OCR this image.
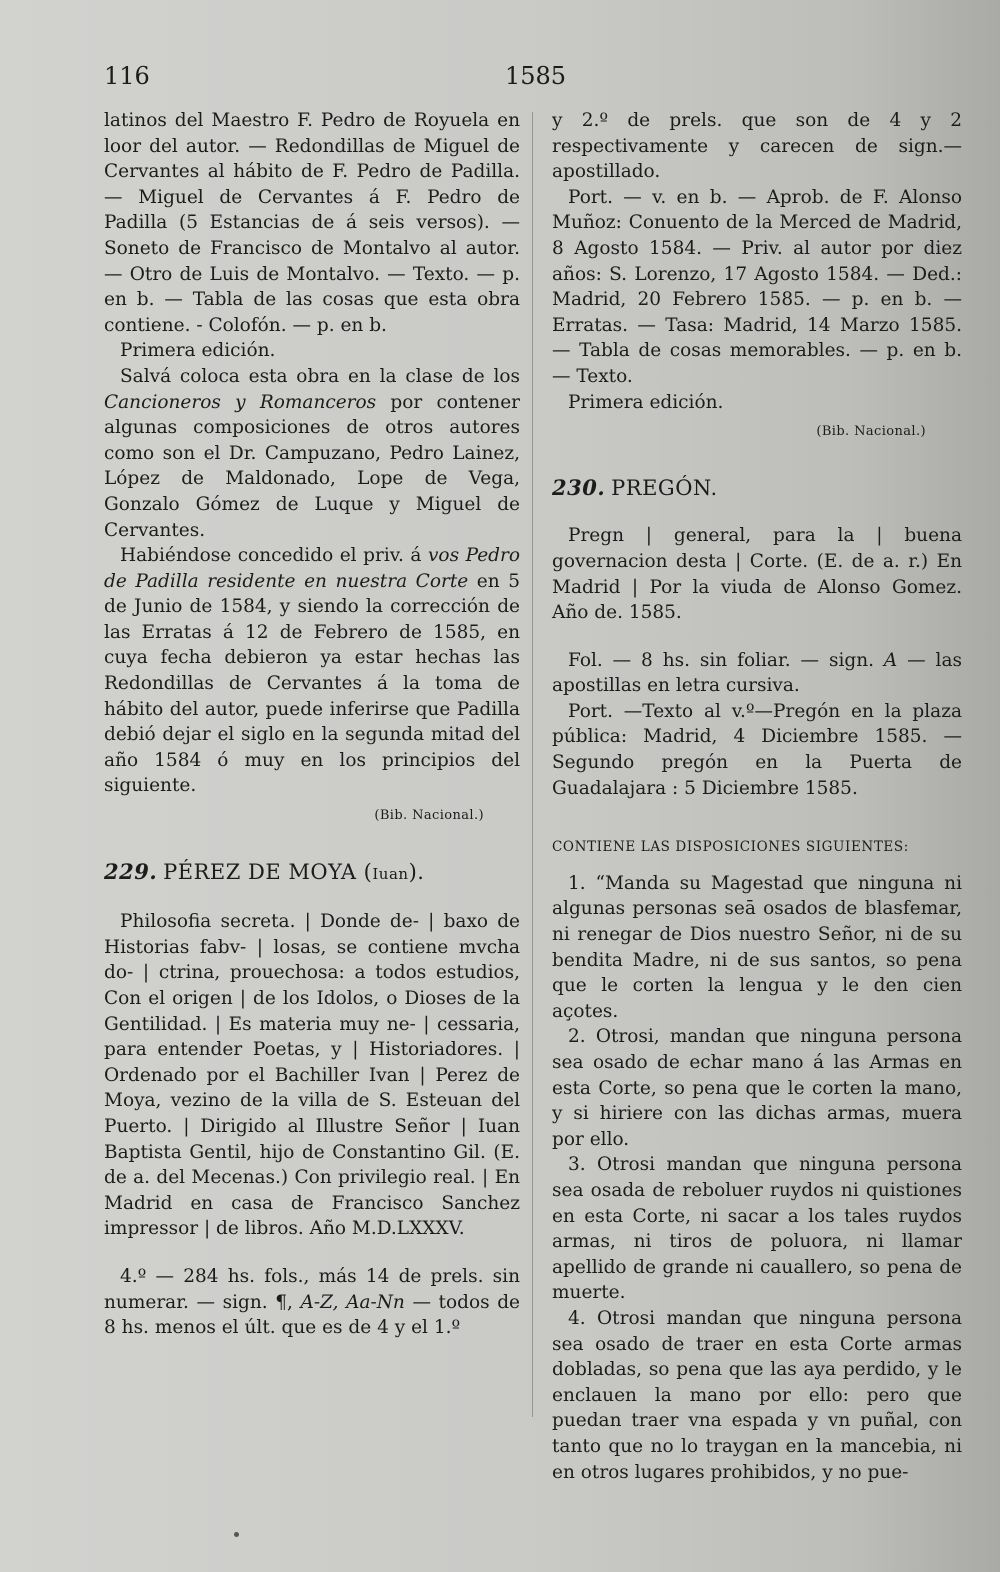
116	1585

latinos del Maestro F. Pedro de Royuela en loor del autor. — Redondillas de Miguel de Cervantes al hábito de F. Pedro de Padilla. — Miguel de Cervantes á F. Pedro de Padilla (5 Estancias de á seis versos). — Soneto de Francisco de Montalvo al autor. — Otro de Luis de Montalvo. — Texto. — p. en b. — Tabla de las cosas que esta obra contiene. - Colofón. — p. en b.

Primera edición.

Salvá coloca esta obra en la clase de los Cancioneros y Romanceros por contener algunas composiciones de otros autores como son el Dr. Campuzano, Pedro Lainez, López de Maldonado, Lope de Vega, Gonzalo Gómez de Luque y Miguel de Cervantes.

Habiéndose concedido el priv. á vos Pedro de Padilla residente en nuestra Corte en 5 de Junio de 1584, y siendo la corrección de las Erratas á 12 de Febrero de 1585, en cuya fecha debieron ya estar hechas las Redondillas de Cervantes á la toma de hábito del autor, puede inferirse que Padilla debió dejar el siglo en la segunda mitad del año 1584 ó muy en los principios del siguiente.

(Bib. Nacional.)

229. PÉREZ DE MOYA (Iuan).

Philosofia secreta. | Donde de- | baxo de Historias fabv- | losas, se contiene mvcha do- | ctrina, prouechosa: a todos estudios, Con el origen | de los Idolos, o Dioses de la Gentilidad. | Es materia muy ne- | cessaria, para entender Poetas, y | Historiadores. | Ordenado por el Bachiller Ivan | Perez de Moya, vezino de la villa de S. Esteuan del Puerto. | Dirigido al Illustre Señor | Iuan Baptista Gentil, hijo de Constantino Gil. (E. de a. del Mecenas.) Con privilegio real. | En Madrid en casa de Francisco Sanchez impressor | de libros. Año M.D.LXXXV.

4.º — 284 hs. fols., más 14 de prels. sin numerar. — sign. ¶, A-Z, Aa-Nn — todos de 8 hs. menos el últ. que es de 4 y el 1.º

y 2.º de prels. que son de 4 y 2 respectivamente y carecen de sign.—apostillado.

Port. — v. en b. — Aprob. de F. Alonso Muñoz: Conuento de la Merced de Madrid, 8 Agosto 1584. — Priv. al autor por diez años: S. Lorenzo, 17 Agosto 1584. — Ded.: Madrid, 20 Febrero 1585. — p. en b. — Erratas. — Tasa: Madrid, 14 Marzo 1585. — Tabla de cosas memorables. — p. en b. — Texto.

Primera edición.

(Bib. Nacional.)

230. PREGÓN.

Pregn | general, para la | buena governacion desta | Corte. (E. de a. r.) En Madrid | Por la viuda de Alonso Gomez. Año de. 1585.

Fol. — 8 hs. sin foliar. — sign. A — las apostillas en letra cursiva.

Port. —Texto al v.º—Pregón en la plaza pública: Madrid, 4 Diciembre 1585. — Segundo pregón en la Puerta de Guadalajara : 5 Diciembre 1585.

CONTIENE LAS DISPOSICIONES SIGUIENTES:

1. “Manda su Magestad que ninguna ni algunas personas seā osados de blasfemar, ni renegar de Dios nuestro Señor, ni de su bendita Madre, ni de sus santos, so pena que le corten la lengua y le den cien açotes.

2. Otrosi, mandan que ninguna persona sea osado de echar mano á las Armas en esta Corte, so pena que le corten la mano, y si hiriere con las dichas armas, muera por ello.

3. Otrosi mandan que ninguna persona sea osada de reboluer ruydos ni quistiones en esta Corte, ni sacar a los tales ruydos armas, ni tiros de poluora, ni llamar apellido de grande ni cauallero, so pena de muerte.

4. Otrosi mandan que ninguna persona sea osado de traer en esta Corte armas dobladas, so pena que las aya perdido, y le enclauen la mano por ello: pero que puedan traer vna espada y vn puñal, con tanto que no lo traygan en la mancebia, ni en otros lugares prohibidos, y no pue-
